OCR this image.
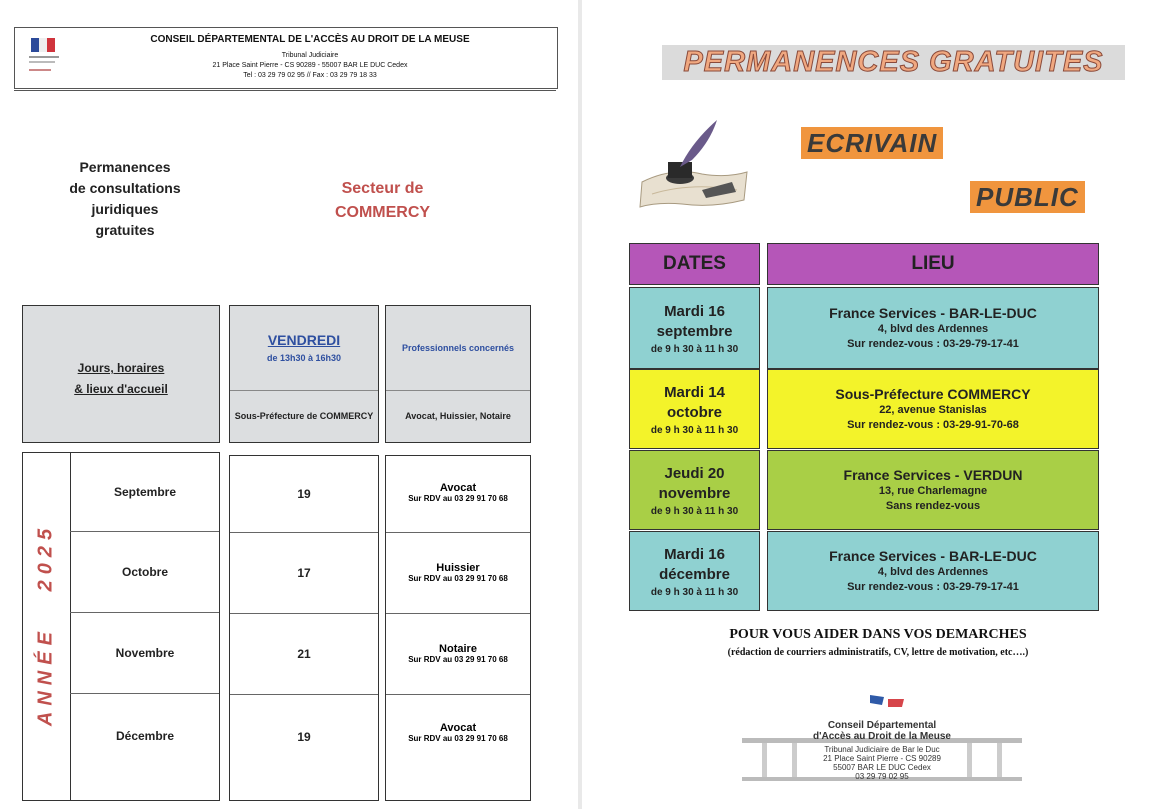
CONSEIL DÉPARTEMENTAL DE L'ACCÈS AU DROIT DE LA MEUSE
Tribunal Judiciaire
21 Place Saint Pierre - CS 90289 - 55007 BAR LE DUC Cedex
Tel : 03 29 79 02 95 // Fax : 03 29 79 18 33
Permanences
de consultations
juridiques
gratuites
Secteur de
COMMERCY
Jours, horaires
& lieux d'accueil
VENDREDI
de 13h30 à 16h30
Sous-Préfecture de COMMERCY
Professionnels concernés
Avocat, Huissier, Notaire
ANNÉE   2025
Septembre
Octobre
Novembre
Décembre
19
17
21
19
Avocat
Sur RDV au 03 29 91 70 68
Huissier
Sur RDV au 03 29 91 70 68
Notaire
Sur RDV au 03 29 91 70 68
Avocat
Sur RDV au 03 29 91 70 68
PERMANENCES GRATUITES
ECRIVAIN
PUBLIC
DATES	LIEU
Mardi 16
septembre
de 9 h 30 à 11 h 30
France Services - BAR-LE-DUC
4, blvd des Ardennes
Sur rendez-vous : 03-29-79-17-41
Mardi 14
octobre
de 9 h 30 à 11 h 30
Sous-Préfecture COMMERCY
22, avenue Stanislas
Sur rendez-vous : 03-29-91-70-68
Jeudi 20
novembre
de 9 h 30 à 11 h 30
France Services - VERDUN
13, rue Charlemagne
Sans rendez-vous
Mardi 16
décembre
de 9 h 30 à 11 h 30
France Services - BAR-LE-DUC
4, blvd des Ardennes
Sur rendez-vous : 03-29-79-17-41
POUR VOUS AIDER DANS VOS DEMARCHES
(rédaction de courriers administratifs, CV, lettre de motivation, etc….)
Conseil Départemental
d'Accès au Droit de la Meuse
Tribunal Judiciaire de Bar le Duc
21 Place Saint Pierre - CS 90289
55007 BAR LE DUC Cedex
03 29 79 02 95
